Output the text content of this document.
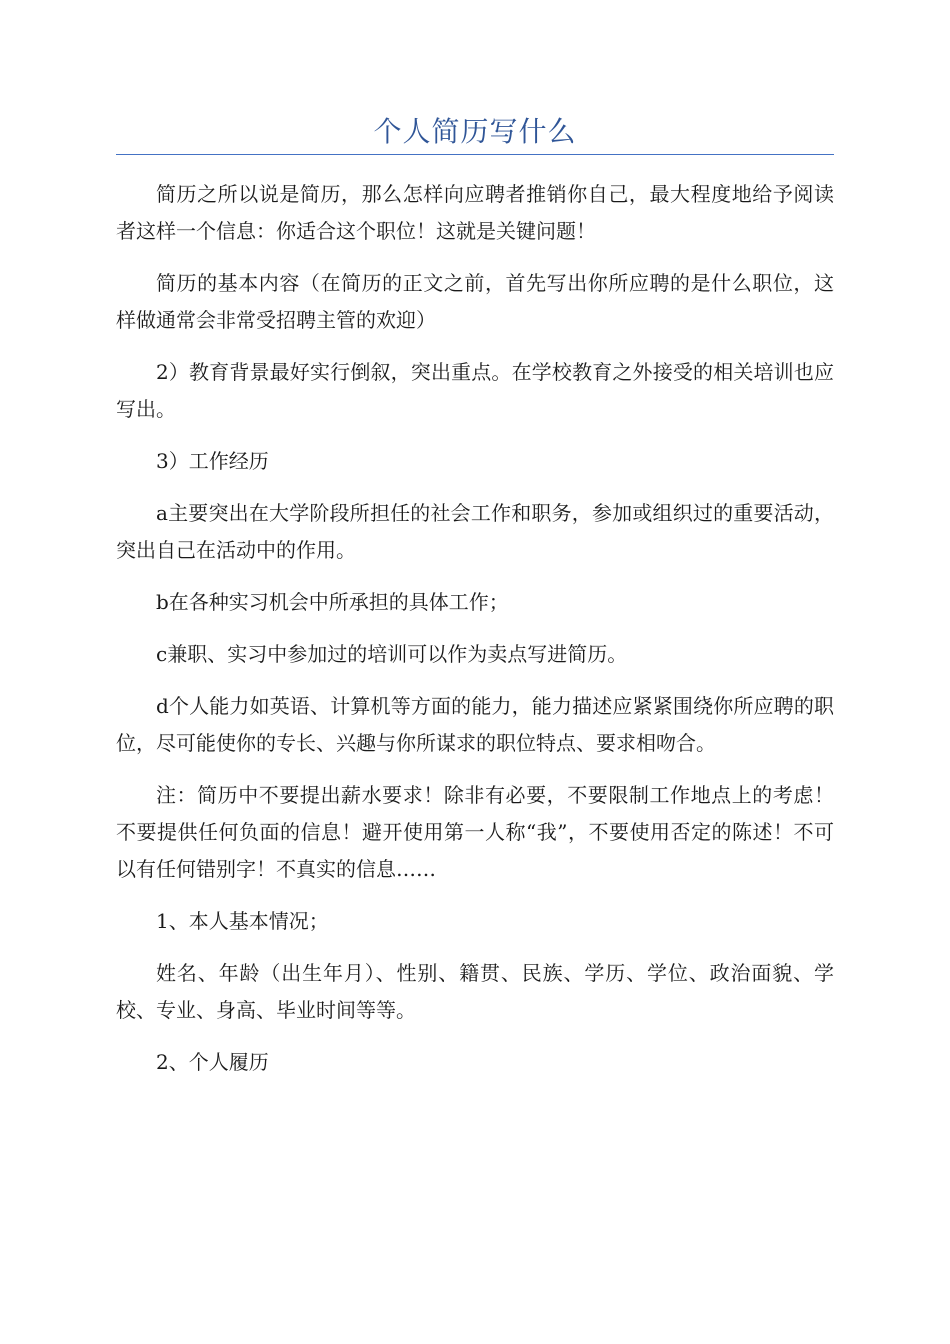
个人简历写什么

简历之所以说是简历，那么怎样向应聘者推销你自己，最大程度地给予阅读者这样一个信息：你适合这个职位！这就是关键问题！

简历的基本内容（在简历的正文之前，首先写出你所应聘的是什么职位，这样做通常会非常受招聘主管的欢迎）

2）教育背景最好实行倒叙，突出重点。在学校教育之外接受的相关培训也应写出。

3）工作经历

a主要突出在大学阶段所担任的社会工作和职务，参加或组织过的重要活动，突出自己在活动中的作用。

b在各种实习机会中所承担的具体工作；

c兼职、实习中参加过的培训可以作为卖点写进简历。

d个人能力如英语、计算机等方面的能力，能力描述应紧紧围绕你所应聘的职位，尽可能使你的专长、兴趣与你所谋求的职位特点、要求相吻合。

注：简历中不要提出薪水要求！除非有必要，不要限制工作地点上的考虑！不要提供任何负面的信息！避开使用第一人称“我”，不要使用否定的陈述！不可以有任何错别字！不真实的信息……

1、本人基本情况；

姓名、年龄（出生年月）、性别、籍贯、民族、学历、学位、政治面貌、学校、专业、身高、毕业时间等等。

2、个人履历
